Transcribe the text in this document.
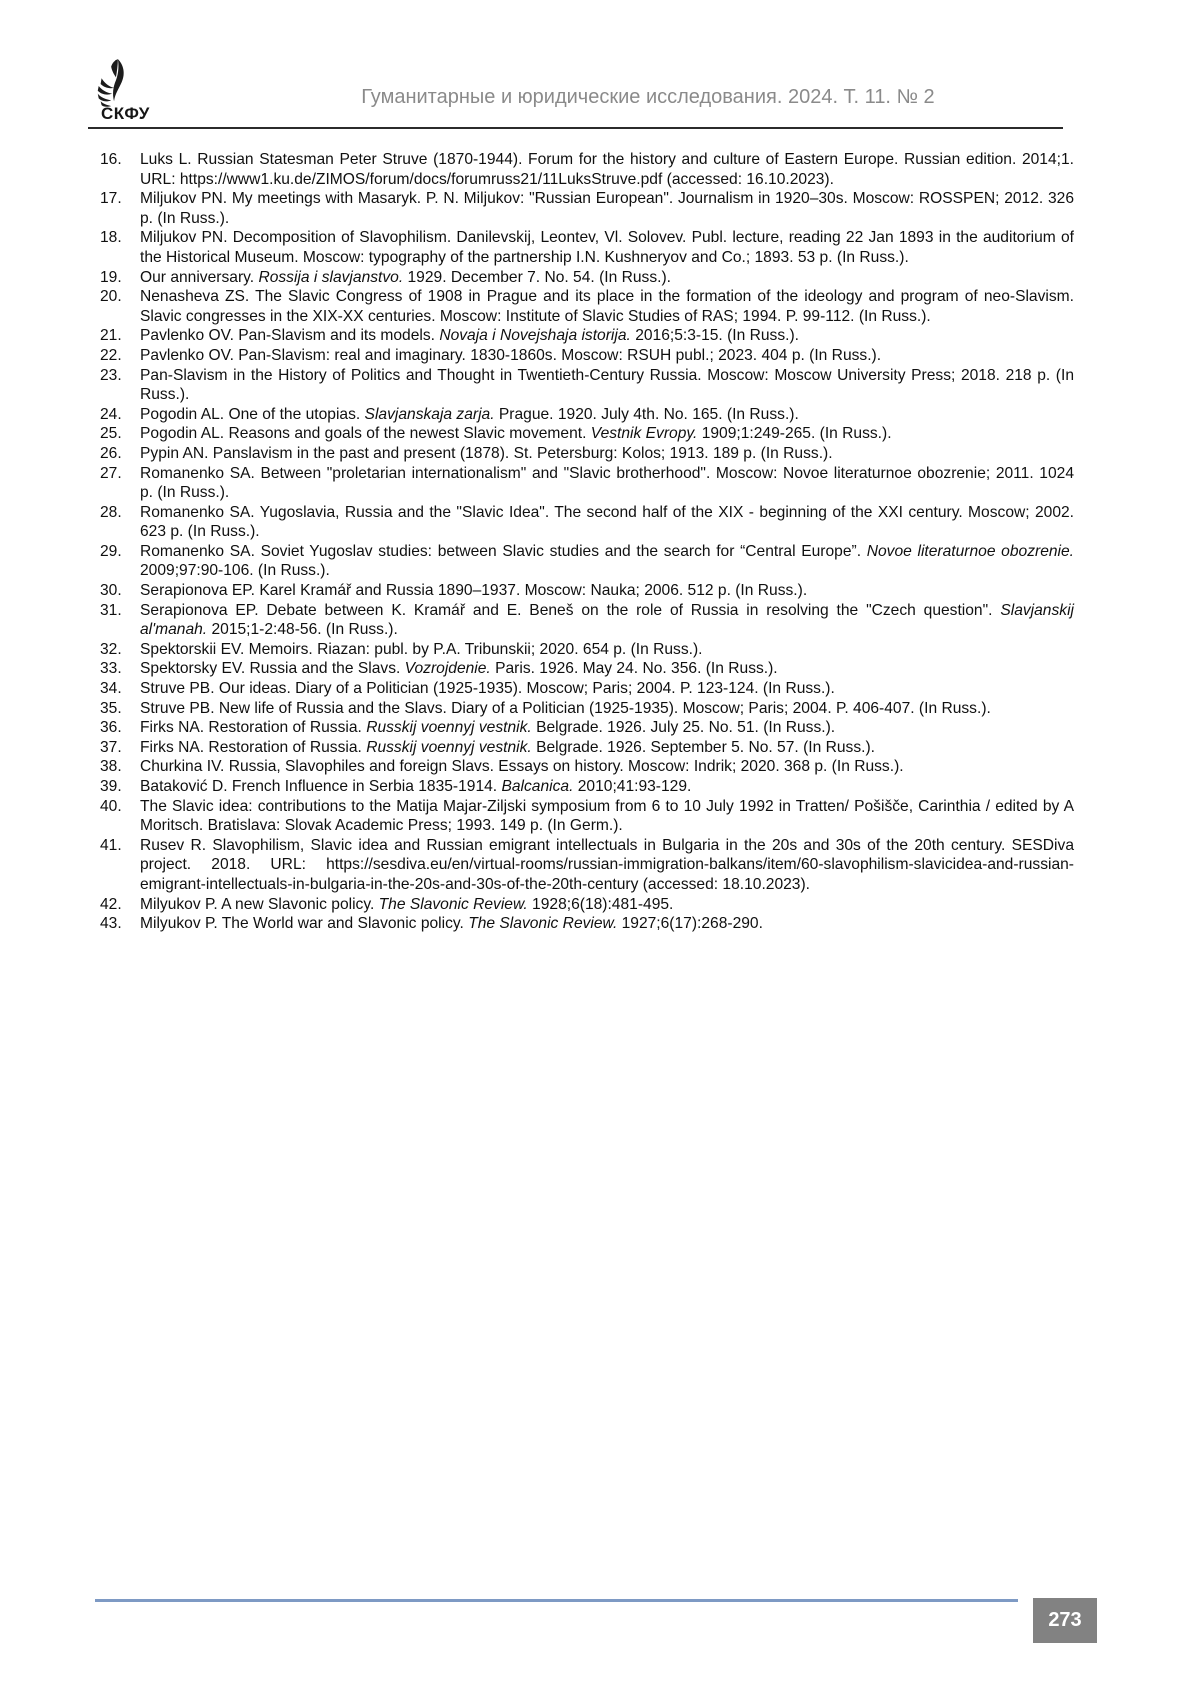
СКФУ
Гуманитарные и юридические исследования. 2024. Т. 11. № 2
16.	Luks L. Russian Statesman Peter Struve (1870-1944). Forum for the history and culture of Eastern Europe. Russian edition. 2014;1. URL: https://www1.ku.de/ZIMOS/forum/docs/forumruss21/11LuksStruve.pdf (accessed: 16.10.2023).
17.	Miljukov PN. My meetings with Masaryk. P. N. Miljukov: "Russian European". Journalism in 1920–30s. Moscow: ROSSPEN; 2012. 326 p. (In Russ.).
18.	Miljukov PN. Decomposition of Slavophilism. Danilevskij, Leontev, Vl. Solovev. Publ. lecture, reading 22 Jan 1893 in the auditorium of the Historical Museum. Moscow: typography of the partnership I.N. Kushneryov and Co.; 1893. 53 p. (In Russ.).
19.	Our anniversary. Rossija i slavjanstvo. 1929. December 7. No. 54. (In Russ.).
20.	Nenasheva ZS. The Slavic Congress of 1908 in Prague and its place in the formation of the ideology and program of neo-Slavism. Slavic congresses in the XIX-XX centuries. Moscow: Institute of Slavic Studies of RAS; 1994. P. 99-112. (In Russ.).
21.	Pavlenko OV. Pan-Slavism and its models. Novaja i Novejshaja istorija. 2016;5:3-15. (In Russ.).
22.	Pavlenko OV. Pan-Slavism: real and imaginary. 1830-1860s. Moscow: RSUH publ.; 2023. 404 p. (In Russ.).
23.	Pan-Slavism in the History of Politics and Thought in Twentieth-Century Russia. Moscow: Moscow University Press; 2018. 218 p. (In Russ.).
24.	Pogodin AL. One of the utopias. Slavjanskaja zarja. Prague. 1920. July 4th. No. 165. (In Russ.).
25.	Pogodin AL. Reasons and goals of the newest Slavic movement. Vestnik Evropy. 1909;1:249-265. (In Russ.).
26.	Pypin AN. Panslavism in the past and present (1878). St. Petersburg: Kolos; 1913. 189 p. (In Russ.).
27.	Romanenko SA. Between "proletarian internationalism" and "Slavic brotherhood". Moscow: Novoe literaturnoe obozrenie; 2011. 1024 p. (In Russ.).
28.	Romanenko SA. Yugoslavia, Russia and the "Slavic Idea". The second half of the XIX - beginning of the XXI century. Moscow; 2002. 623 p. (In Russ.).
29.	Romanenko SA. Soviet Yugoslav studies: between Slavic studies and the search for “Central Europe”. Novoe literaturnoe obozrenie. 2009;97:90-106. (In Russ.).
30.	Serapionova EP. Karel Kramář and Russia 1890–1937. Moscow: Nauka; 2006. 512 p. (In Russ.).
31.	Serapionova EP. Debate between K. Kramář and E. Beneš on the role of Russia in resolving the "Czech question". Slavjanskij al'manah. 2015;1-2:48-56. (In Russ.).
32.	Spektorskii EV. Memoirs. Riazan: publ. by P.A. Tribunskii; 2020. 654 p. (In Russ.).
33.	Spektorsky EV. Russia and the Slavs. Vozrojdenie. Paris. 1926. May 24. No. 356. (In Russ.).
34.	Struve PB. Our ideas. Diary of a Politician (1925-1935). Moscow; Paris; 2004. P. 123-124. (In Russ.).
35.	Struve PB. New life of Russia and the Slavs. Diary of a Politician (1925-1935). Moscow; Paris; 2004. P. 406-407. (In Russ.).
36.	Firks NA. Restoration of Russia. Russkij voennyj vestnik. Belgrade. 1926. July 25. No. 51. (In Russ.).
37.	Firks NA. Restoration of Russia. Russkij voennyj vestnik. Belgrade. 1926. September 5. No. 57. (In Russ.).
38.	Churkina IV. Russia, Slavophiles and foreign Slavs. Essays on history. Moscow: Indrik; 2020. 368 p. (In Russ.).
39.	Bataković D. French Influence in Serbia 1835-1914. Balcanica. 2010;41:93-129.
40.	The Slavic idea: contributions to the Matija Majar-Ziljski symposium from 6 to 10 July 1992 in Tratten/ Pošišče, Carinthia / edited by A Moritsch. Bratislava: Slovak Academic Press; 1993. 149 p. (In Germ.).
41.	Rusev R. Slavophilism, Slavic idea and Russian emigrant intellectuals in Bulgaria in the 20s and 30s of the 20th century. SESDiva project. 2018. URL: https://sesdiva.eu/en/virtual-rooms/russian-immigration-balkans/item/60-slavophilism-slavicidea-and-russian-emigrant-intellectuals-in-bulgaria-in-the-20s-and-30s-of-the-20th-century (accessed: 18.10.2023).
42.	Milyukov P. A new Slavonic policy. The Slavonic Review. 1928;6(18):481-495.
43.	Milyukov P. The World war and Slavonic policy. The Slavonic Review. 1927;6(17):268-290.
273
